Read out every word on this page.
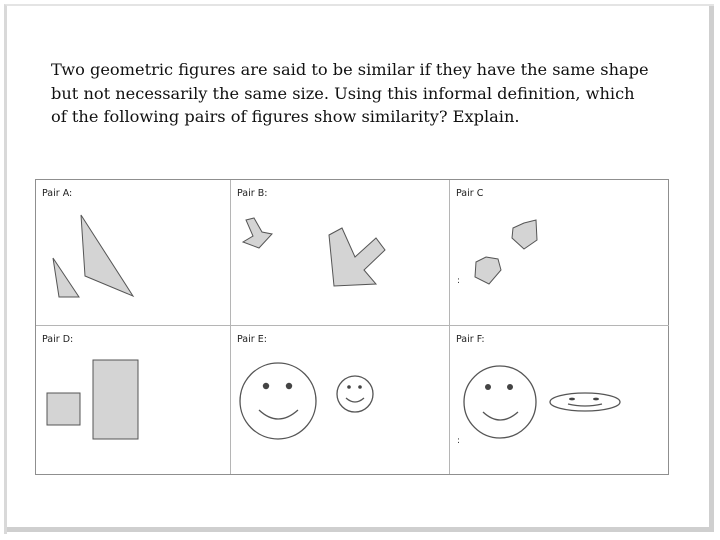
Two geometric figures are said to be similar if they have the same shape
but not necessarily the same size. Using this informal definition, which
of the following pairs of figures show similarity? Explain.
Pair A:	Pair B:	Pair C
:
Pair D:	Pair E:	Pair F:
:
